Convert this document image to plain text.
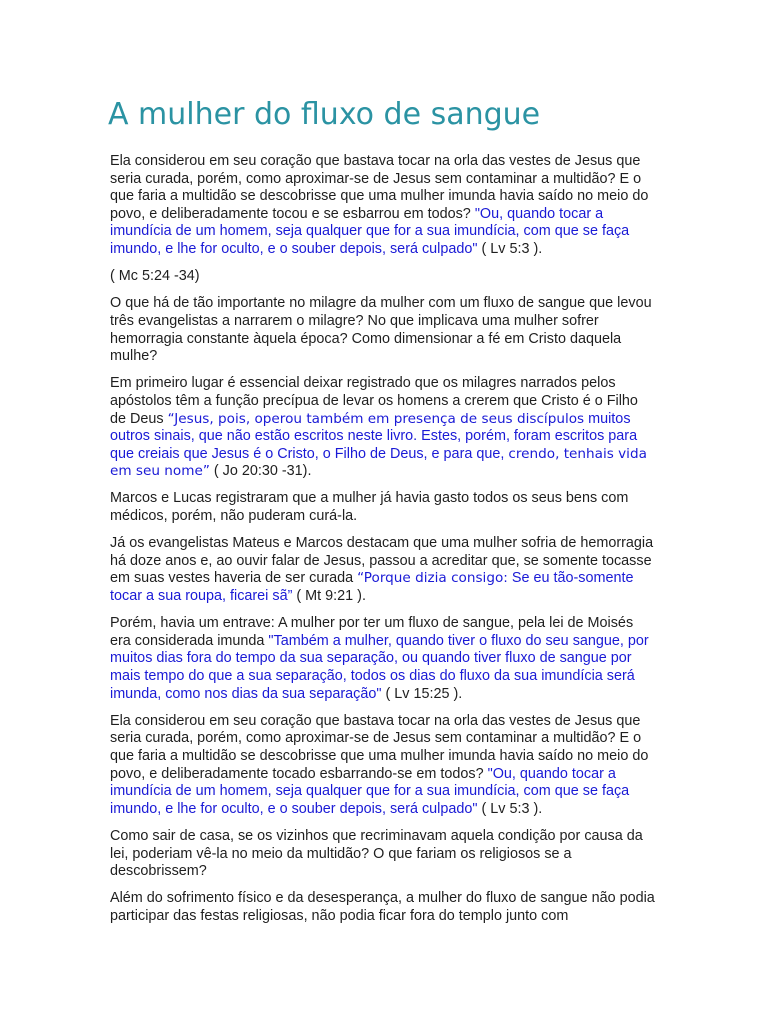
A mulher do fluxo de sangue

Ela considerou em seu coração que bastava tocar na orla das vestes de Jesus que seria curada, porém, como aproximar-se de Jesus sem contaminar a multidão? E o que faria a multidão se descobrisse que uma mulher imunda havia saído no meio do povo, e deliberadamente tocou e se esbarrou em todos? "Ou, quando tocar a imundícia de um homem, seja qualquer que for a sua imundícia, com que se faça imundo, e lhe for oculto, e o souber depois, será culpado" ( Lv 5:3 ).

( Mc 5:24 -34)

O que há de tão importante no milagre da mulher com um fluxo de sangue que levou três evangelistas a narrarem o milagre? No que implicava uma mulher sofrer hemorragia constante àquela época? Como dimensionar a fé em Cristo daquela mulhe?

Em primeiro lugar é essencial deixar registrado que os milagres narrados pelos apóstolos têm a função precípua de levar os homens a crerem que Cristo é o Filho de Deus “Jesus, pois, operou também em presença de seus discípulos muitos outros sinais, que não estão escritos neste livro. Estes, porém, foram escritos para que creiais que Jesus é o Cristo, o Filho de Deus, e para que, crendo, tenhais vida em seu nome” ( Jo 20:30 -31).

Marcos e Lucas registraram que a mulher já havia gasto todos os seus bens com médicos, porém, não puderam curá-la.

Já os evangelistas Mateus e Marcos destacam que uma mulher sofria de hemorragia há doze anos e, ao ouvir falar de Jesus, passou a acreditar que, se somente tocasse em suas vestes haveria de ser curada “Porque dizia consigo: Se eu tão-somente tocar a sua roupa, ficarei sã” ( Mt 9:21 ).

Porém, havia um entrave: A mulher por ter um fluxo de sangue, pela lei de Moisés era considerada imunda "Também a mulher, quando tiver o fluxo do seu sangue, por muitos dias fora do tempo da sua separação, ou quando tiver fluxo de sangue por mais tempo do que a sua separação, todos os dias do fluxo da sua imundícia será imunda, como nos dias da sua separação" ( Lv 15:25 ).

Ela considerou em seu coração que bastava tocar na orla das vestes de Jesus que seria curada, porém, como aproximar-se de Jesus sem contaminar a multidão? E o que faria a multidão se descobrisse que uma mulher imunda havia saído no meio do povo, e deliberadamente tocado esbarrando-se em todos? "Ou, quando tocar a imundícia de um homem, seja qualquer que for a sua imundícia, com que se faça imundo, e lhe for oculto, e o souber depois, será culpado" ( Lv 5:3 ).

Como sair de casa, se os vizinhos que recriminavam aquela condição por causa da lei, poderiam vê-la no meio da multidão? O que fariam os religiosos se a descobrissem?

Além do sofrimento físico e da desesperança, a mulher do fluxo de sangue não podia participar das festas religiosas, não podia ficar fora do templo junto com
